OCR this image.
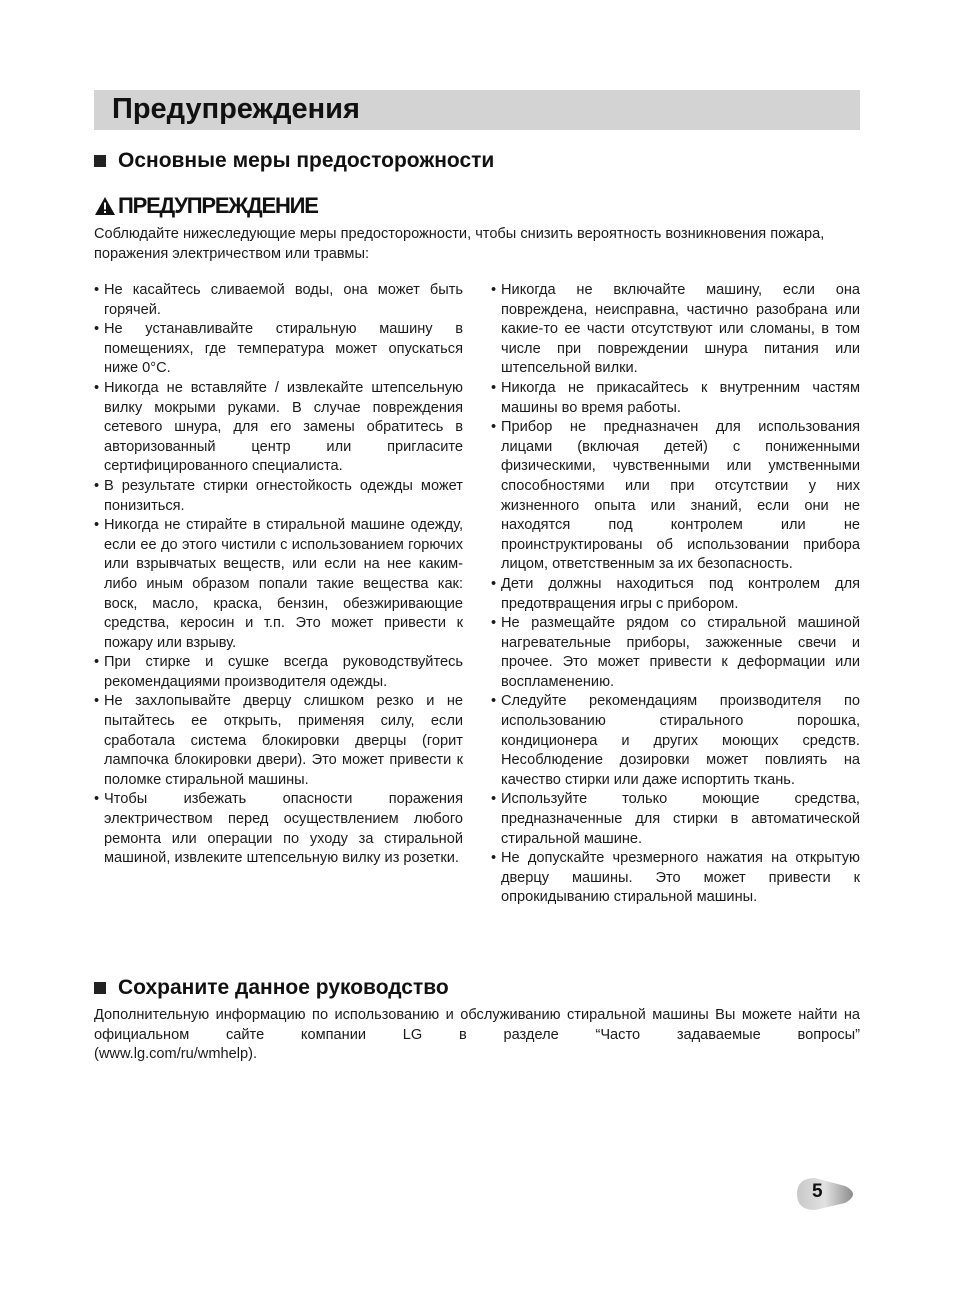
Предупреждения
Основные меры предосторожности
ПРЕДУПРЕЖДЕНИЕ

Соблюдайте нижеследующие меры предосторожности, чтобы снизить вероятность возникновения пожара, поражения электричеством или травмы:

• Не касайтесь сливаемой воды, она может быть горячей.
• Не устанавливайте стиральную машину в помещениях, где температура может опускаться ниже 0°C.
• Никогда не вставляйте / извлекайте штепсельную вилку мокрыми руками. В случае повреждения сетевого шнура, для его замены обратитесь в авторизованный центр или пригласите сертифицированного специалиста.
• В результате стирки огнестойкость одежды может понизиться.
• Никогда не стирайте в стиральной машине одежду, если ее до этого чистили с использованием горючих или взрывчатых веществ, или если на нее каким-либо иным образом попали такие вещества как: воск, масло, краска, бензин, обезжиривающие средства, керосин и т.п. Это может привести к пожару или взрыву.
• При стирке и сушке всегда руководствуйтесь рекомендациями производителя одежды.
• Не захлопывайте дверцу слишком резко и не пытайтесь ее открыть, применяя силу, если сработала система блокировки дверцы (горит лампочка блокировки двери). Это может привести к поломке стиральной машины.
• Чтобы избежать опасности поражения электричеством перед осуществлением любого ремонта или операции по уходу за стиральной машиной, извлеките штепсельную вилку из розетки.
• Никогда не включайте машину, если она повреждена, неисправна, частично разобрана или какие-то ее части отсутствуют или сломаны, в том числе при повреждении шнура питания или штепсельной вилки.
• Никогда не прикасайтесь к внутренним частям машины во время работы.
• Прибор не предназначен для использования лицами (включая детей) с пониженными физическими, чувственными или умственными способностями или при отсутствии у них жизненного опыта или знаний, если они не находятся под контролем или не проинструктированы об использовании прибора лицом, ответственным за их безопасность.
• Дети должны находиться под контролем для предотвращения игры с прибором.
• Не размещайте рядом со стиральной машиной нагревательные приборы, зажженные свечи и прочее. Это может привести к деформации или воспламенению.
• Следуйте рекомендациям производителя по использованию стирального порошка, кондиционера и других моющих средств. Несоблюдение дозировки может повлиять на качество стирки или даже испортить ткань.
• Используйте только моющие средства, предназначенные для стирки в автоматической стиральной машине.
• Не допускайте чрезмерного нажатия на открытую дверцу машины. Это может привести к опрокидыванию стиральной машины.
Сохраните данное руководство

Дополнительную информацию по использованию и обслуживанию стиральной машины Вы можете найти на официальном сайте компании LG в разделе “Часто задаваемые вопросы”
(www.lg.com/ru/wmhelp).

5
